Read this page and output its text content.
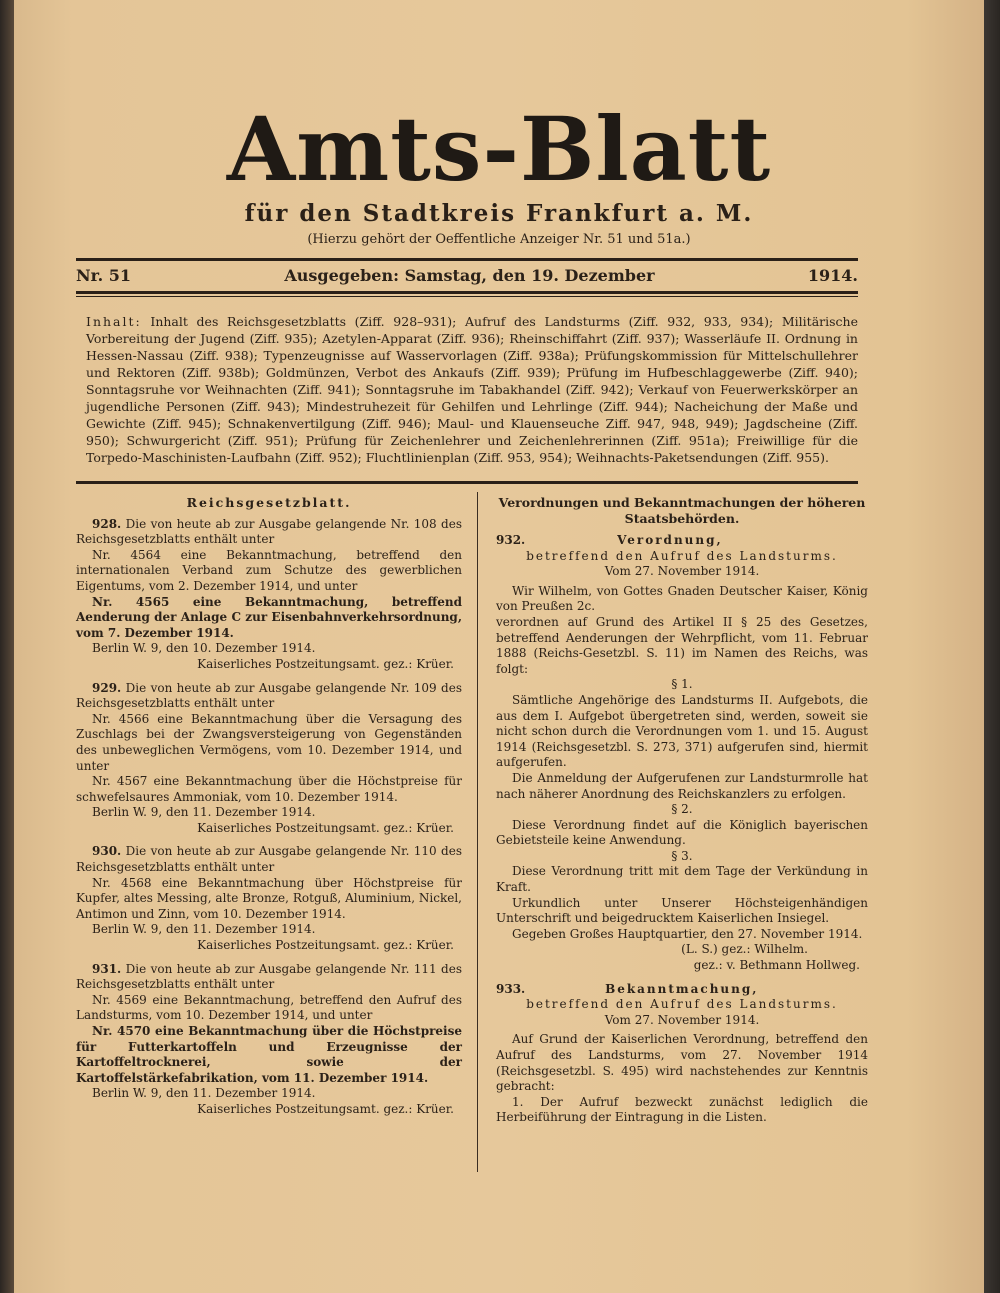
Amts-Blatt
für den Stadtkreis Frankfurt a. M.
(Hierzu gehört der Oeffentliche Anzeiger Nr. 51 und 51a.)
Nr. 51	Ausgegeben: Samstag, den 19. Dezember	1914.
Inhalt: Inhalt des Reichsgesetzblatts (Ziff. 928–931); Aufruf des Landsturms (Ziff. 932, 933, 934); Militärische Vorbereitung der Jugend (Ziff. 935); Azetylen-Apparat (Ziff. 936); Rheinschiffahrt (Ziff. 937); Wasserläufe II. Ordnung in Hessen-Nassau (Ziff. 938); Typenzeugnisse auf Wasservorlagen (Ziff. 938a); Prüfungskommission für Mittelschullehrer und Rektoren (Ziff. 938b); Goldmünzen, Verbot des Ankaufs (Ziff. 939); Prüfung im Hufbeschlaggewerbe (Ziff. 940); Sonntagsruhe vor Weihnachten (Ziff. 941); Sonntagsruhe im Tabakhandel (Ziff. 942); Verkauf von Feuerwerkskörper an jugendliche Personen (Ziff. 943); Mindestruhezeit für Gehilfen und Lehrlinge (Ziff. 944); Nacheichung der Maße und Gewichte (Ziff. 945); Schnakenvertilgung (Ziff. 946); Maul- und Klauenseuche Ziff. 947, 948, 949); Jagdscheine (Ziff. 950); Schwurgericht (Ziff. 951); Prüfung für Zeichenlehrer und Zeichenlehrerinnen (Ziff. 951a); Freiwillige für die Torpedo-Maschinisten-Laufbahn (Ziff. 952); Fluchtlinienplan (Ziff. 953, 954); Weihnachts-Paketsendungen (Ziff. 955).
Reichsgesetzblatt.

928. Die von heute ab zur Ausgabe gelangende Nr. 108 des Reichsgesetzblatts enthält unter

Nr. 4564 eine Bekanntmachung, betreffend den internationalen Verband zum Schutze des gewerblichen Eigentums, vom 2. Dezember 1914, und unter

Nr. 4565 eine Bekanntmachung, betreffend Aenderung der Anlage C zur Eisenbahnverkehrsordnung, vom 7. Dezember 1914.

Berlin W. 9, den 10. Dezember 1914.

Kaiserliches Postzeitungsamt. gez.: Krüer.

929. Die von heute ab zur Ausgabe gelangende Nr. 109 des Reichsgesetzblatts enthält unter

Nr. 4566 eine Bekanntmachung über die Versagung des Zuschlags bei der Zwangsversteigerung von Gegenständen des unbeweglichen Vermögens, vom 10. Dezember 1914, und unter

Nr. 4567 eine Bekanntmachung über die Höchstpreise für schwefelsaures Ammoniak, vom 10. Dezember 1914.

Berlin W. 9, den 11. Dezember 1914.

Kaiserliches Postzeitungsamt. gez.: Krüer.

930. Die von heute ab zur Ausgabe gelangende Nr. 110 des Reichsgesetzblatts enthält unter

Nr. 4568 eine Bekanntmachung über Höchstpreise für Kupfer, altes Messing, alte Bronze, Rotguß, Aluminium, Nickel, Antimon und Zinn, vom 10. Dezember 1914.

Berlin W. 9, den 11. Dezember 1914.

Kaiserliches Postzeitungsamt. gez.: Krüer.

931. Die von heute ab zur Ausgabe gelangende Nr. 111 des Reichsgesetzblatts enthält unter

Nr. 4569 eine Bekanntmachung, betreffend den Aufruf des Landsturms, vom 10. Dezember 1914, und unter

Nr. 4570 eine Bekanntmachung über die Höchstpreise für Futterkartoffeln und Erzeugnisse der Kartoffeltrocknerei, sowie der Kartoffelstärkefabrikation, vom 11. Dezember 1914.

Berlin W. 9, den 11. Dezember 1914.

Kaiserliches Postzeitungsamt. gez.: Krüer.

Verordnungen und Bekanntmachungen der höheren Staatsbehörden.

932.	Verordnung,

betreffend den Aufruf des Landsturms.

Vom 27. November 1914.

Wir Wilhelm, von Gottes Gnaden Deutscher Kaiser, König von Preußen 2c.

verordnen auf Grund des Artikel II § 25 des Gesetzes, betreffend Aenderungen der Wehrpflicht, vom 11. Februar 1888 (Reichs-Gesetzbl. S. 11) im Namen des Reichs, was folgt:

§ 1.

Sämtliche Angehörige des Landsturms II. Aufgebots, die aus dem I. Aufgebot übergetreten sind, werden, soweit sie nicht schon durch die Verordnungen vom 1. und 15. August 1914 (Reichsgesetzbl. S. 273, 371) aufgerufen sind, hiermit aufgerufen.

Die Anmeldung der Aufgerufenen zur Landsturmrolle hat nach näherer Anordnung des Reichskanzlers zu erfolgen.

§ 2.

Diese Verordnung findet auf die Königlich bayerischen Gebietsteile keine Anwendung.

§ 3.

Diese Verordnung tritt mit dem Tage der Verkündung in Kraft.

Urkundlich unter Unserer Höchsteigenhändigen Unterschrift und beigedrucktem Kaiserlichen Insiegel.

Gegeben Großes Hauptquartier, den 27. November 1914.

(L. S.) gez.: Wilhelm.

gez.: v. Bethmann Hollweg.

933.	Bekanntmachung,

betreffend den Aufruf des Landsturms.

Vom 27. November 1914.

Auf Grund der Kaiserlichen Verordnung, betreffend den Aufruf des Landsturms, vom 27. November 1914 (Reichsgesetzbl. S. 495) wird nachstehendes zur Kenntnis gebracht:

1. Der Aufruf bezweckt zunächst lediglich die Herbeiführung der Eintragung in die Listen.
